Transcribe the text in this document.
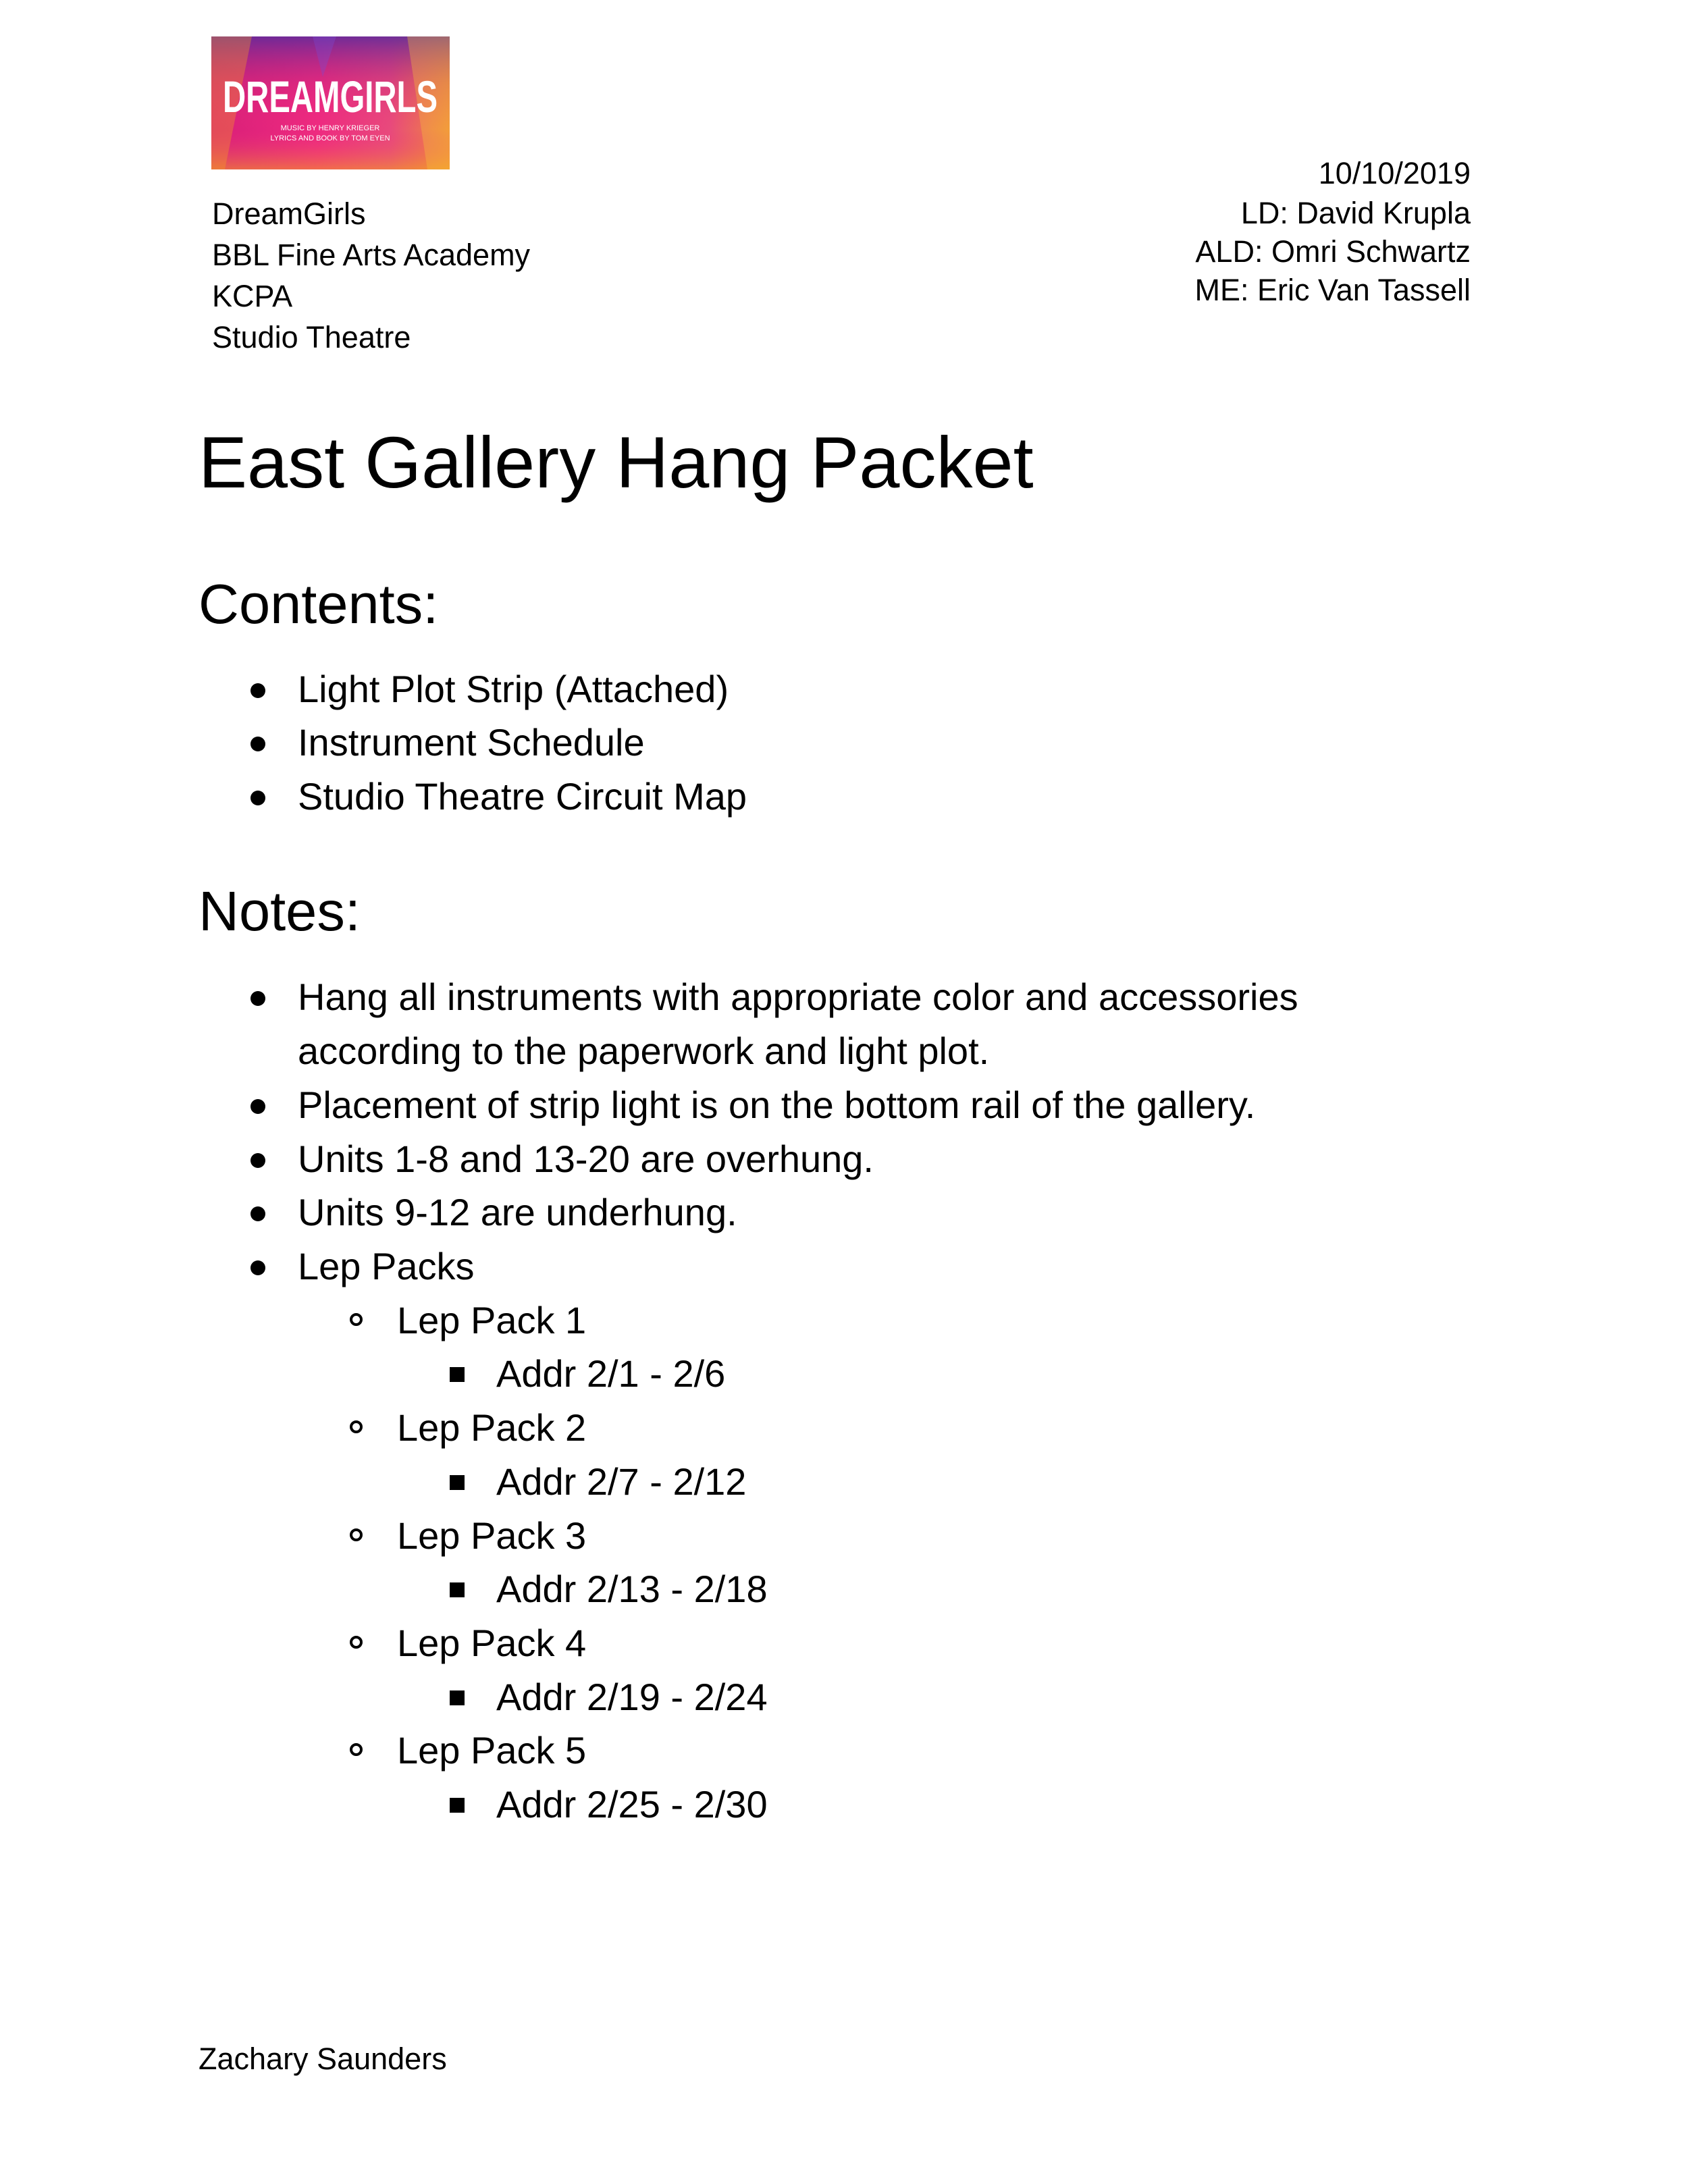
DREAMGIRLS
MUSIC BY HENRY KRIEGER
LYRICS AND BOOK BY TOM EYEN
DreamGirls
BBL Fine Arts Academy
KCPA
Studio Theatre
10/10/2019
LD: David Krupla
ALD: Omri Schwartz
ME: Eric Van Tassell
East Gallery Hang Packet
Contents:
Light Plot Strip (Attached)
Instrument Schedule
Studio Theatre Circuit Map
Notes:
Hang all instruments with appropriate color and accessories
according to the paperwork and light plot.
Placement of strip light is on the bottom rail of the gallery.
Units 1-8 and 13-20 are overhung.
Units 9-12 are underhung.
Lep Packs
Lep Pack 1
Addr 2/1 - 2/6
Lep Pack 2
Addr 2/7 - 2/12
Lep Pack 3
Addr 2/13 - 2/18
Lep Pack 4
Addr 2/19 - 2/24
Lep Pack 5
Addr 2/25 - 2/30
Zachary Saunders
